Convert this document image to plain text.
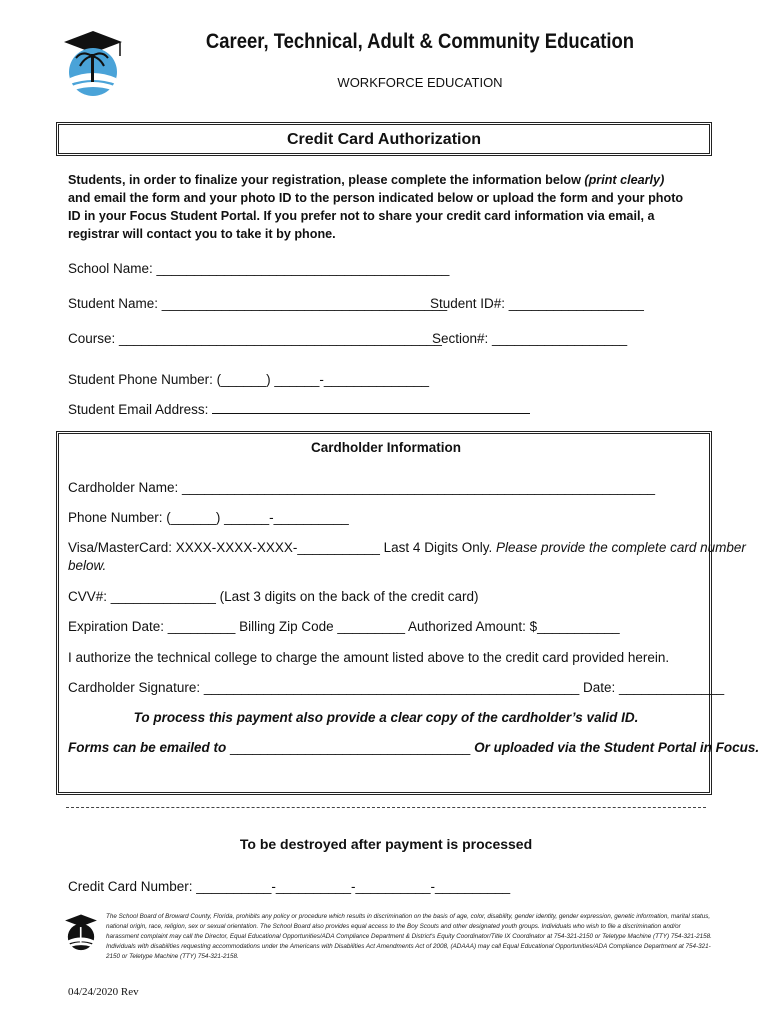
Career, Technical, Adult & Community Education
WORKFORCE EDUCATION
Credit Card Authorization
Students, in order to finalize your registration, please complete the information below (print clearly) and email the form and your photo ID to the person indicated below or upload the form and your photo ID in your Focus Student Portal. If you prefer not to share your credit card information via email, a registrar will contact you to take it by phone.
School Name: _______________________________________
Student Name: ______________________________________
Student ID#: __________________
Course: ___________________________________________
Section#: __________________
Student Phone Number: (______) ______-______________
Student Email Address:
Cardholder Information
Cardholder Name: _______________________________________________________________
Phone Number: (______) ______-__________
Visa/MasterCard: XXXX-XXXX-XXXX-___________ Last 4 Digits Only. Please provide the complete card number
below.
CVV#: ______________ (Last 3 digits on the back of the credit card)
Expiration Date: _________ Billing Zip Code _________ Authorized Amount: $___________
I authorize the technical college to charge the amount listed above to the credit card provided herein.
Cardholder Signature: __________________________________________________ Date: ______________
To process this payment also provide a clear copy of the cardholder’s valid ID.
Forms can be emailed to ________________________________ Or uploaded via the Student Portal in Focus.
To be destroyed after payment is processed
Credit Card Number: __________-__________-__________-__________
The School Board of Broward County, Florida, prohibits any policy or procedure which results in discrimination on the basis of age, color, disability, gender identity, gender expression, genetic information, marital status, national origin, race, religion, sex or sexual orientation. The School Board also provides equal access to the Boy Scouts and other designated youth groups. Individuals who wish to file a discrimination and/or harassment complaint may call the Director, Equal Educational Opportunities/ADA Compliance Department & District's Equity Coordinator/Title IX Coordinator at 754-321-2150 or Teletype Machine (TTY) 754-321-2158. Individuals with disabilities requesting accommodations under the Americans with Disabilities Act Amendments Act of 2008, (ADAAA) may call Equal Educational Opportunities/ADA Compliance Department at 754-321-2150 or Teletype Machine (TTY) 754-321-2158.
04/24/2020 Rev
